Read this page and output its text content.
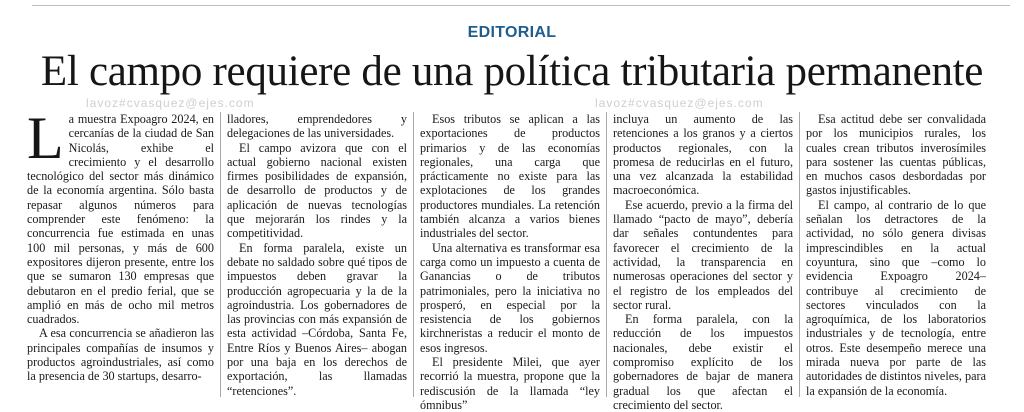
EDITORIAL
El campo requiere de una política tributaria permanente
lavoz#cvasquez@ejes.com	lavoz#cvasquez@ejes.com

La muestra Expoagro 2024, en cercanías de la ciudad de San Nicolás, exhibe el crecimiento y el desarrollo tecnológico del sector más dinámico de la economía argentina. Sólo basta repasar algunos números para comprender este fenómeno: la concurrencia fue estimada en unas 100 mil personas, y más de 600 expositores dijeron presente, entre los que se sumaron 130 empresas que debutaron en el predio ferial, que se amplió en más de ocho mil metros cuadrados.

A esa concurrencia se añadieron las principales compañías de insumos y productos agroindustriales, así como la presencia de 30 startups, desarro-

lladores, emprendedores y delegaciones de las universidades.

El campo avizora que con el actual gobierno nacional existen firmes posibilidades de expansión, de desarrollo de productos y de aplicación de nuevas tecnologías que mejorarán los rindes y la competitividad.

En forma paralela, existe un debate no saldado sobre qué tipos de impuestos deben gravar la producción agropecuaria y la de la agroindustria. Los gobernadores de las provincias con más expansión de esta actividad –Córdoba, Santa Fe, Entre Ríos y Buenos Aires– abogan por una baja en los derechos de exportación, las llamadas “retenciones”.

Esos tributos se aplican a las exportaciones de productos primarios y de las economías regionales, una carga que prácticamente no existe para las explotaciones de los grandes productores mundiales. La retención también alcanza a varios bienes industriales del sector.

Una alternativa es transformar esa carga como un impuesto a cuenta de Ganancias o de tributos patrimoniales, pero la iniciativa no prosperó, en especial por la resistencia de los gobiernos kirchneristas a reducir el monto de esos ingresos.

El presidente Milei, que ayer recorrió la muestra, propone que la rediscusión de la llamada “ley ómnibus”

incluya un aumento de las retenciones a los granos y a ciertos productos regionales, con la promesa de reducirlas en el futuro, una vez alcanzada la estabilidad macroeconómica.

Ese acuerdo, previo a la firma del llamado “pacto de mayo”, debería dar señales contundentes para favorecer el crecimiento de la actividad, la transparencia en numerosas operaciones del sector y el registro de los empleados del sector rural.

En forma paralela, con la reducción de los impuestos nacionales, debe existir el compromiso explícito de los gobernadores de bajar de manera gradual los que afectan el crecimiento del sector.

Esa actitud debe ser convalidada por los municipios rurales, los cuales crean tributos inverosímiles para sostener las cuentas públicas, en muchos casos desbordadas por gastos injustificables.

El campo, al contrario de lo que señalan los detractores de la actividad, no sólo genera divisas imprescindibles en la actual coyuntura, sino que –como lo evidencia Expoagro 2024– contribuye al crecimiento de sectores vinculados con la agroquímica, de los laboratorios industriales y de tecnología, entre otros. Este desempeño merece una mirada nueva por parte de las autoridades de distintos niveles, para la expansión de la economía.
